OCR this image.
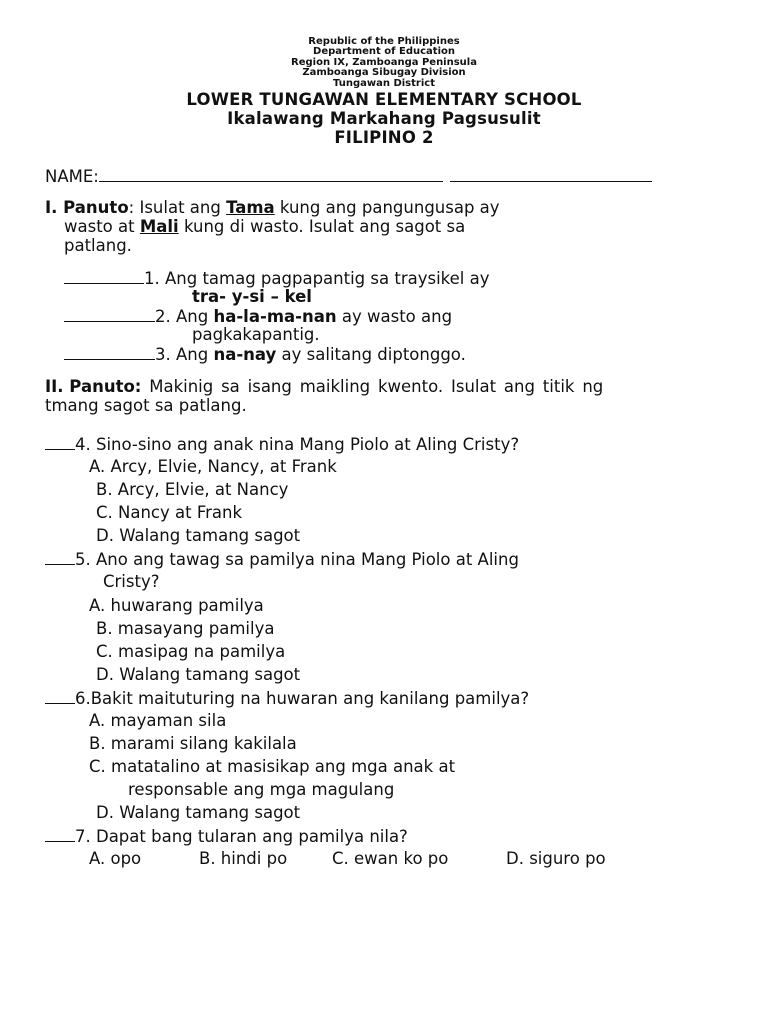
Republic of the Philippines
Department of Education
Region IX, Zamboanga Peninsula
Zamboanga Sibugay Division
Tungawan District
LOWER TUNGAWAN ELEMENTARY SCHOOL
Ikalawang Markahang Pagsusulit
FILIPINO 2
NAME:
I. Panuto: Isulat ang Tama kung ang pangungusap ay
wasto at Mali kung di wasto. Isulat ang sagot sa
patlang.
1. Ang tamag pagpapantig sa traysikel ay
tra- y-si – kel
2. Ang ha-la-ma-nan ay wasto ang
pagkakapantig.
3. Ang na-nay ay salitang diptonggo.
II. Panuto: Makinig sa isang maikling kwento. Isulat ang titik ng
tmang sagot sa patlang.
4. Sino-sino ang anak nina Mang Piolo at Aling Cristy?
A. Arcy, Elvie, Nancy, at Frank
B. Arcy, Elvie, at Nancy
C. Nancy at Frank
D. Walang tamang sagot
5. Ano ang tawag sa pamilya nina Mang Piolo at Aling
Cristy?
A. huwarang pamilya
B. masayang pamilya
C. masipag na pamilya
D. Walang tamang sagot
6.Bakit maituturing na huwaran ang kanilang pamilya?
A. mayaman sila
B. marami silang kakilala
C. matatalino at masisikap ang mga anak at
responsable ang mga magulang
D. Walang tamang sagot
7. Dapat bang tularan ang pamilya nila?
A. opo	B. hindi po	C. ewan ko po	D. siguro po
